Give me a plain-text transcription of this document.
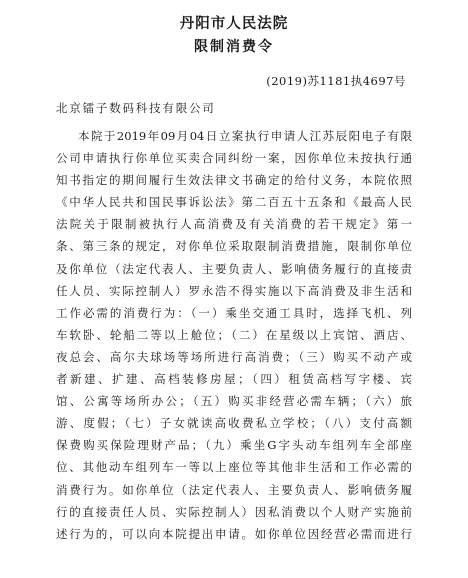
丹阳市人民法院
限制消费令
(2019)苏1181执4697号
北京镭子数码科技有限公司
本院于2019年09月04日立案执行申请人江苏辰阳电子有限
公司申请执行你单位买卖合同纠纷一案，因你单位未按执行通
知书指定的期间履行生效法律文书确定的给付义务，本院依照
《中华人民共和国民事诉讼法》第二百五十五条和《最高人民
法院关于限制被执行人高消费及有关消费的若干规定》第一
条、第三条的规定，对你单位采取限制消费措施，限制你单位
及你单位（法定代表人、主要负责人、影响债务履行的直接责
任人员、实际控制人）罗永浩不得实施以下高消费及非生活和
工作必需的消费行为：（一）乘坐交通工具时，选择飞机、列
车软卧、轮船二等以上舱位；（二）在星级以上宾馆、酒店、
夜总会、高尔夫球场等场所进行高消费；（三）购买不动产或
者新建、扩建、高档装修房屋；（四）租赁高档写字楼、宾
馆、公寓等场所办公；（五）购买非经营必需车辆；（六）旅
游、度假；（七）子女就读高收费私立学校；（八）支付高额
保费购买保险理财产品；（九）乘坐G字头动车组列车全部座
位、其他动车组列车一等以上座位等其他非生活和工作必需的
消费行为。如你单位（法定代表人、主要负责人、影响债务履
行的直接责任人员、实际控制人）因私消费以个人财产实施前
述行为的，可以向本院提出申请。如你单位因经营必需而进行
